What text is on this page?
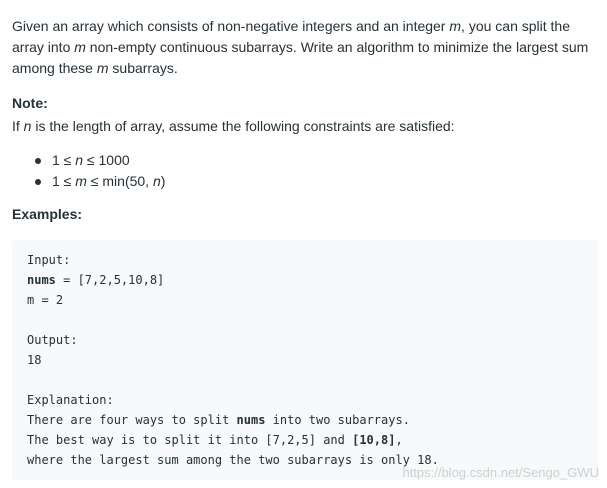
Given an array which consists of non-negative integers and an integer m, you can split the array into m non-empty continuous subarrays. Write an algorithm to minimize the largest sum among these m subarrays.

Note:

If n is the length of array, assume the following constraints are satisfied:

1 ≤ n ≤ 1000
1 ≤ m ≤ min(50, n)

Examples:

Input:
nums = [7,2,5,10,8]
m = 2

Output:
18

Explanation:
There are four ways to split nums into two subarrays.
The best way is to split it into [7,2,5] and [10,8],
where the largest sum among the two subarrays is only 18.
https://blog.csdn.net/Sengo_GWU
